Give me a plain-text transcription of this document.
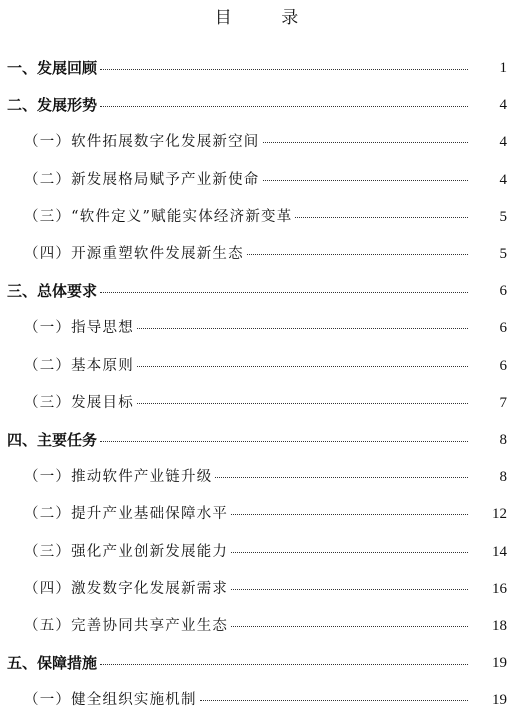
目 录
一、发展回顾	1
二、发展形势	4
（一）软件拓展数字化发展新空间	4
（二）新发展格局赋予产业新使命	4
（三）“软件定义”赋能实体经济新变革	5
（四）开源重塑软件发展新生态	5
三、总体要求	6
（一）指导思想	6
（二）基本原则	6
（三）发展目标	7
四、主要任务	8
（一）推动软件产业链升级	8
（二）提升产业基础保障水平	12
（三）强化产业创新发展能力	14
（四）激发数字化发展新需求	16
（五）完善协同共享产业生态	18
五、保障措施	19
（一）健全组织实施机制	19
